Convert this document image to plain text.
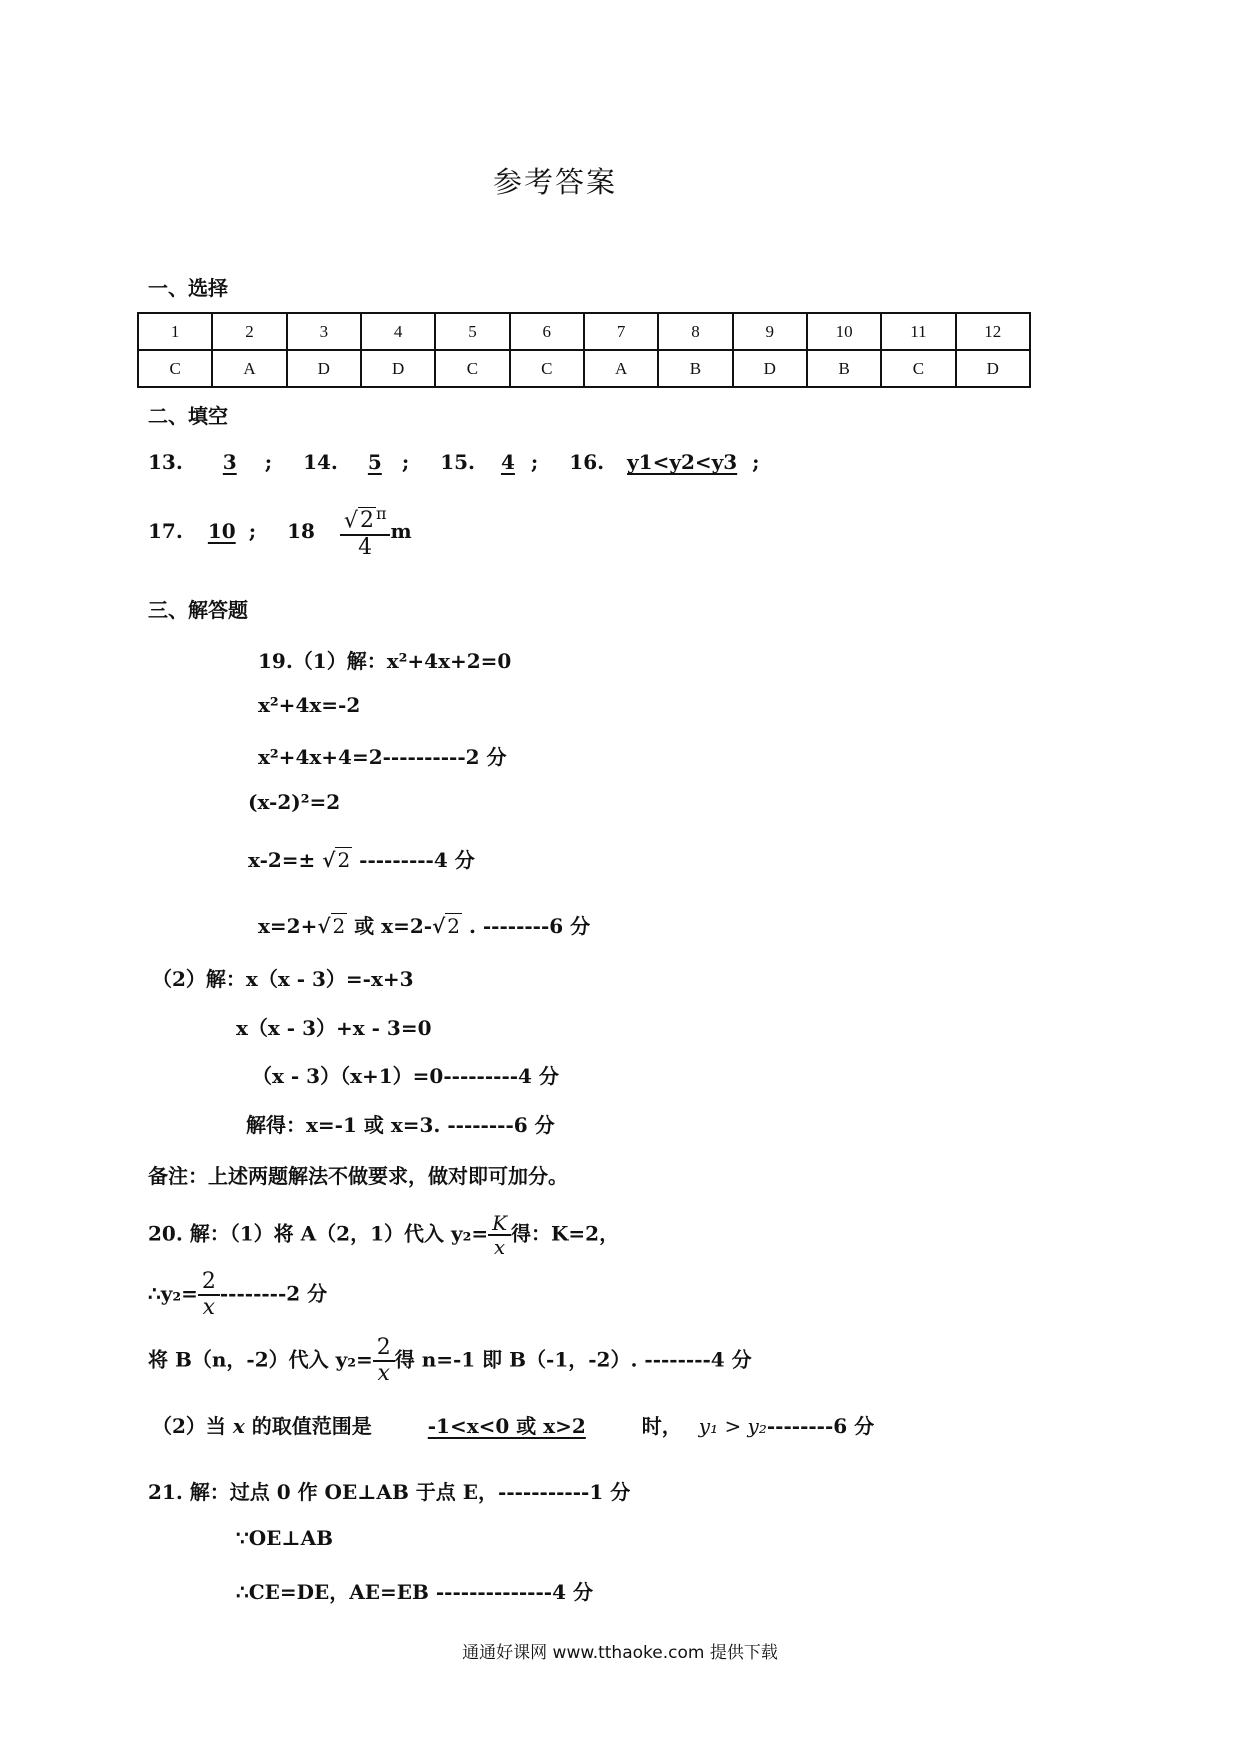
参考答案
一、选择
1	2	3	4	5	6	7	8	9	10	11	12
C	A	D	D	C	C	A	B	D	B	C	D
二、填空
13. 3 ; 14. 5 ; 15. 4 ; 16. y1<y2<y3 ;
17. 10 ; $18 \frac{√2 ^\pi}{4}$ m
三、解答题
19.（1）解：x²+4x+2=0
x²+4x=-2
x²+4x+4=2----------2 分
(x-2)²=2
x-2=± √ 2 ---------4 分
x=2+√ 2 或 x=2-√ 2 . --------6 分
（2）解：x（x - 3）=-x+3
x（x - 3）+x - 3=0
（x - 3）（x+1）=0---------4 分
解得：x=-1 或 x=3. --------6 分
备注：上述两题解法不做要求，做对即可加分。
20. 解：（1）将 A（2，1）代入 $y_2= \frac{K}{x}$ 得：K=2，
∴y₂= $\frac{2}{x} --------2$ 分
将 B（n，-2）代入 $y_2= \frac{2}{x}$ 得 n=-1 即 B（-1，-2）. --------4 分
（2）当 x 的取值范围是	-1<x<0 或 x>2	时， y₁ > y₂--------6 分
21. 解：过点 0 作 OE⊥AB 于点 E，-----------1 分
∵OE⊥AB
∴CE=DE，AE=EB --------------4 分
通通好课网 www.tthaoke.com 提供下载
